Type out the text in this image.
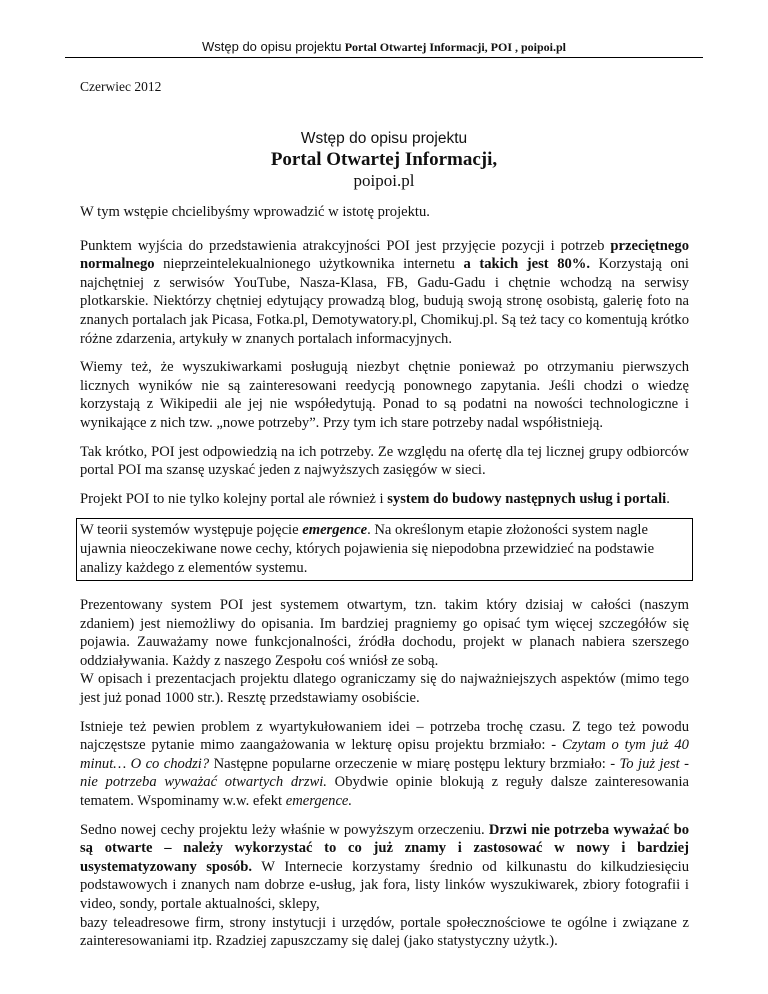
Wstęp do opisu projektu Portal Otwartej Informacji, POI , poipoi.pl
Czerwiec 2012
Wstęp do opisu projektu
Portal Otwartej Informacji,
poipoi.pl

W tym wstępie chcielibyśmy wprowadzić w istotę projektu.

Punktem wyjścia do przedstawienia atrakcyjności POI jest przyjęcie pozycji i potrzeb przeciętnego normalnego nieprzeintelekualnionego użytkownika internetu a takich jest 80%. Korzystają oni najchętniej z serwisów YouTube, Nasza-Klasa, FB, Gadu-Gadu i chętnie wchodzą na serwisy plotkarskie. Niektórzy chętniej edytujący prowadzą blog, budują swoją stronę osobistą, galerię foto na znanych portalach jak Picasa, Fotka.pl, Demotywatory.pl, Chomikuj.pl. Są też tacy co komentują krótko różne zdarzenia, artykuły w znanych portalach informacyjnych.

Wiemy też, że wyszukiwarkami posługują niezbyt chętnie ponieważ po otrzymaniu pierwszych licznych wyników nie są zainteresowani reedycją ponownego zapytania. Jeśli chodzi o wiedzę korzystają z Wikipedii ale jej nie współedytują. Ponad to są podatni na nowości technologiczne i wynikające z nich tzw. „nowe potrzeby”. Przy tym ich stare potrzeby nadal współistnieją.

Tak krótko, POI jest odpowiedzią na ich potrzeby. Ze względu na ofertę dla tej licznej grupy odbiorców portal POI ma szansę uzyskać jeden z najwyższych zasięgów w sieci.

Projekt POI to nie tylko kolejny portal ale również i system do budowy następnych usług i portali.

W teorii systemów występuje pojęcie emergence. Na określonym etapie złożoności system nagle ujawnia nieoczekiwane nowe cechy, których pojawienia się niepodobna przewidzieć na podstawie analizy każdego z elementów systemu.

Prezentowany system POI jest systemem otwartym, tzn. takim który dzisiaj w całości (naszym zdaniem) jest niemożliwy do opisania. Im bardziej pragniemy go opisać tym więcej szczegółów się pojawia. Zauważamy nowe funkcjonalności, źródła dochodu, projekt w planach nabiera szerszego oddziaływania. Każdy z naszego Zespołu coś wniósł ze sobą.
W opisach i prezentacjach projektu dlatego ograniczamy się do najważniejszych aspektów (mimo tego jest już ponad 1000 str.). Resztę przedstawiamy osobiście.

Istnieje też pewien problem z wyartykułowaniem idei – potrzeba trochę czasu. Z tego też powodu najczęstsze pytanie mimo zaangażowania w lekturę opisu projektu brzmiało: - Czytam o tym już 40 minut… O co chodzi? Następne popularne orzeczenie w miarę postępu lektury brzmiało: - To już jest - nie potrzeba wyważać otwartych drzwi. Obydwie opinie blokują z reguły dalsze zainteresowania tematem. Wspominamy w.w. efekt emergence.

Sedno nowej cechy projektu leży właśnie w powyższym orzeczeniu. Drzwi nie potrzeba wyważać bo są otwarte – należy wykorzystać to co już znamy i zastosować w nowy i bardziej usystematyzowany sposób. W Internecie korzystamy średnio od kilkunastu do kilkudziesięciu podstawowych i znanych nam dobrze e-usług, jak fora, listy linków wyszukiwarek, zbiory fotografii i video, sondy, portale aktualności, sklepy,
bazy teleadresowe firm, strony instytucji i urzędów, portale społecznościowe te ogólne i związane z zainteresowaniami itp. Rzadziej zapuszczamy się dalej (jako statystyczny użytk.).
